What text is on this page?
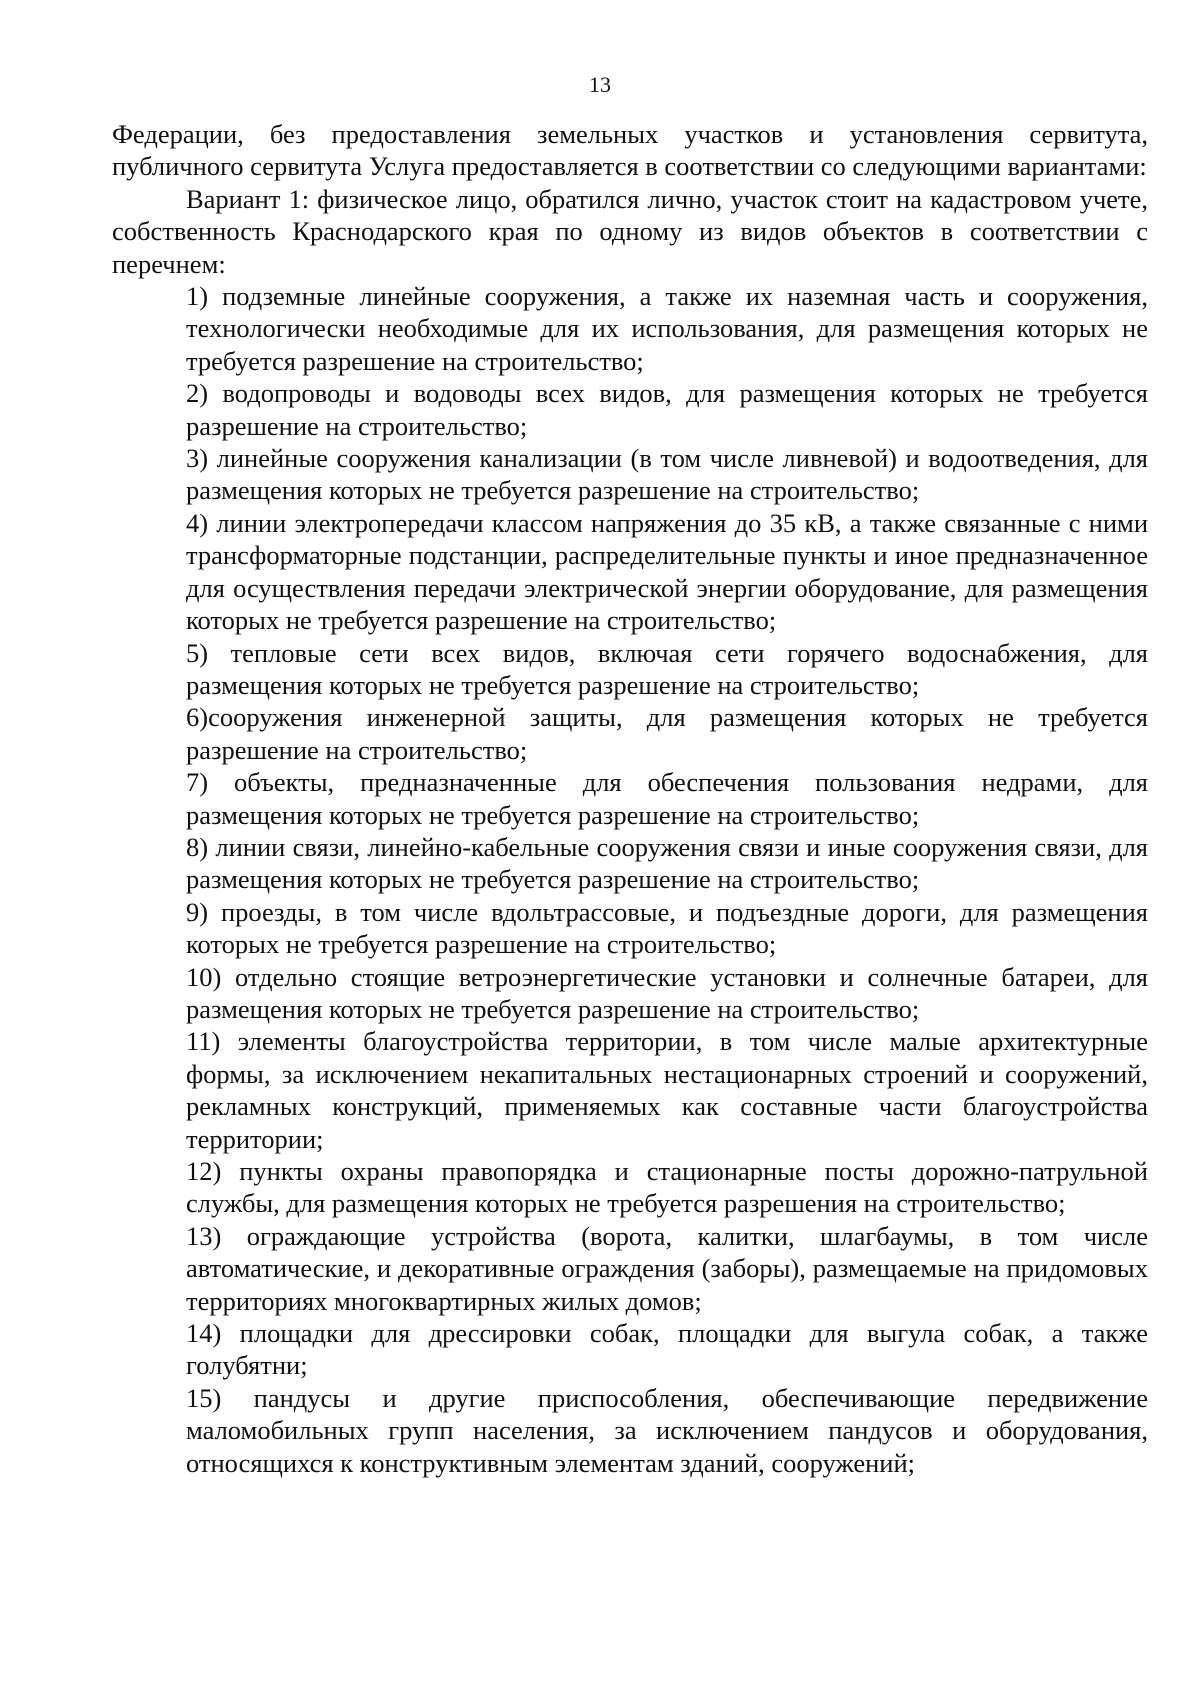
13

Федерации, без предоставления земельных участков и установления сервитута, публичного сервитута Услуга предоставляется в соответствии со следующими вариантами:

Вариант 1: физическое лицо, обратился лично, участок стоит на кадастровом учете, собственность Краснодарского края по одному из видов объектов в соответствии с перечнем:

1) подземные линейные сооружения, а также их наземная часть и сооружения, технологически необходимые для их использования, для размещения которых не требуется разрешение на строительство;
2) водопроводы и водоводы всех видов, для размещения которых не требуется разрешение на строительство;
3) линейные сооружения канализации (в том числе ливневой) и водоотведения, для размещения которых не требуется разрешение на строительство;
4) линии электропередачи классом напряжения до 35 кВ, а также связанные с ними трансформаторные подстанции, распределительные пункты и иное предназначенное для осуществления передачи электрической энергии оборудование, для размещения которых не требуется разрешение на строительство;
5) тепловые сети всех видов, включая сети горячего водоснабжения, для размещения которых не требуется разрешение на строительство;
6)сооружения инженерной защиты, для размещения которых не требуется разрешение на строительство;
7) объекты, предназначенные для обеспечения пользования недрами, для размещения которых не требуется разрешение на строительство;
8) линии связи, линейно-кабельные сооружения связи и иные сооружения связи, для размещения которых не требуется разрешение на строительство;
9) проезды, в том числе вдольтрассовые, и подъездные дороги, для размещения которых не требуется разрешение на строительство;
10) отдельно стоящие ветроэнергетические установки и солнечные батареи, для размещения которых не требуется разрешение на строительство;
11) элементы благоустройства территории, в том числе малые архитектурные формы, за исключением некапитальных нестационарных строений и сооружений, рекламных конструкций, применяемых как составные части благоустройства территории;
12) пункты охраны правопорядка и стационарные посты дорожно-патрульной службы, для размещения которых не требуется разрешения на строительство;
13) ограждающие устройства (ворота, калитки, шлагбаумы, в том числе автоматические, и декоративные ограждения (заборы), размещаемые на придомовых территориях многоквартирных жилых домов;
14) площадки для дрессировки собак, площадки для выгула собак, а также голубятни;
15) пандусы и другие приспособления, обеспечивающие передвижение маломобильных групп населения, за исключением пандусов и оборудования, относящихся к конструктивным элементам зданий, сооружений;
